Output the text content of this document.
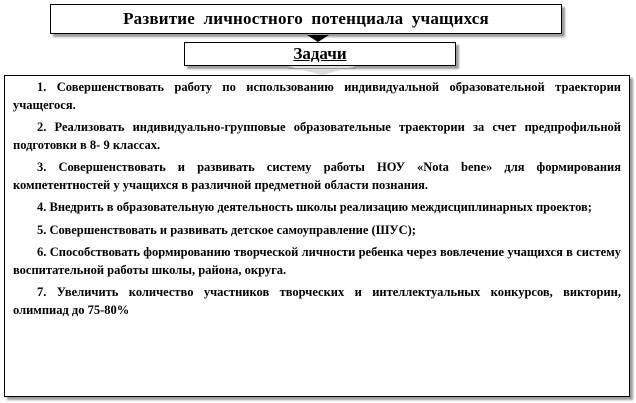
Развитие личностного потенциала учащихся
Задачи

1. Совершенствовать работу по использованию индивидуальной образовательной траектории учащегося.

2. Реализовать индивидуально-групповые образовательные траектории за счет предпрофильной подготовки в 8- 9 классах.

3. Совершенствовать и развивать систему работы НОУ «Nota bene» для формирования компетентностей у учащихся в различной предметной области познания.

4. Внедрить в образовательную деятельность школы реализацию междисциплинарных проектов;

5. Совершенствовать и развивать детское самоуправление (ШУС);

6. Способствовать формированию творческой личности ребенка через вовлечение учащихся в систему воспитательной работы школы, района, округа.

7. Увеличить количество участников творческих и интеллектуальных конкурсов, викторин, олимпиад до 75-80%
